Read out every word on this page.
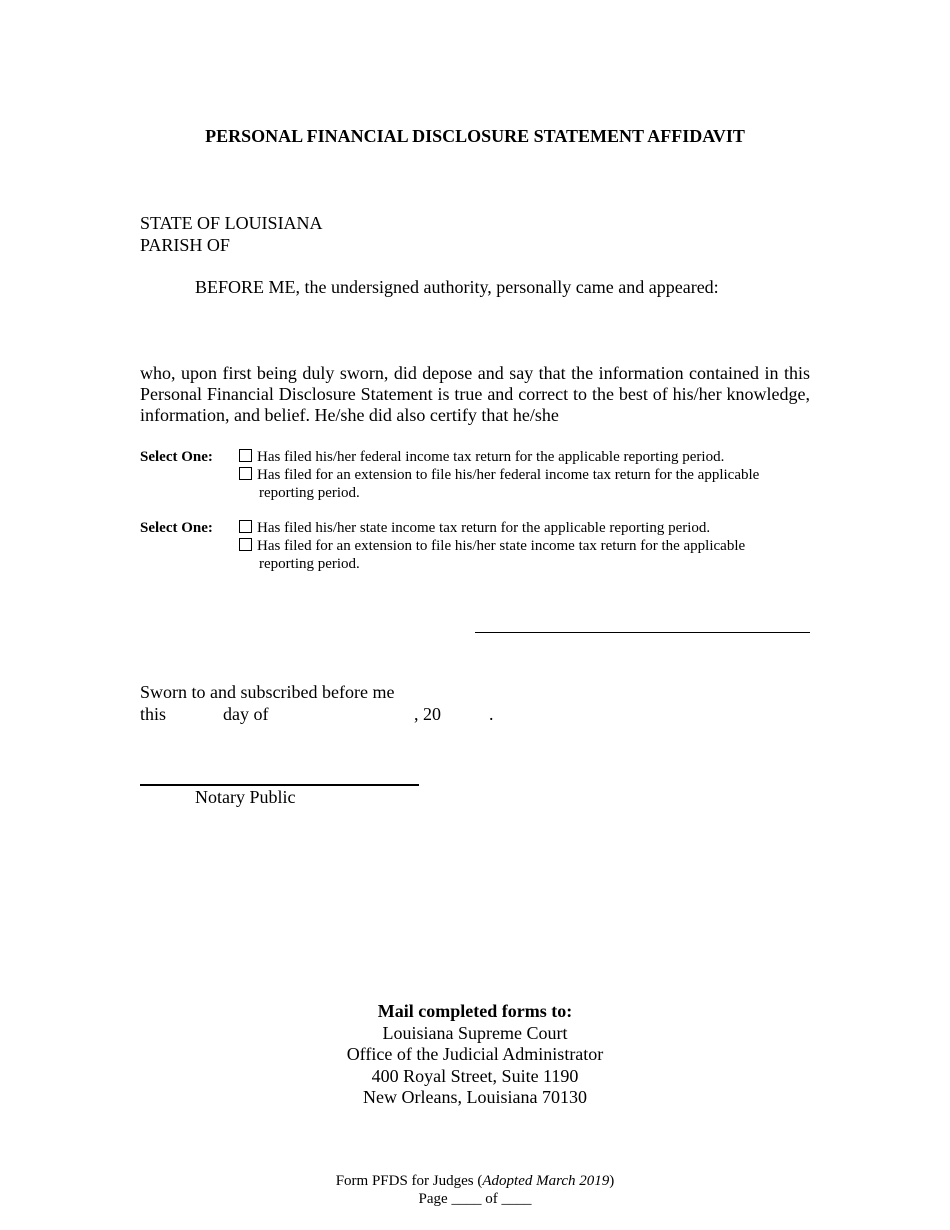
PERSONAL FINANCIAL DISCLOSURE STATEMENT AFFIDAVIT
STATE OF LOUISIANA
PARISH OF
BEFORE ME, the undersigned authority, personally came and appeared:
who, upon first being duly sworn, did depose and say that the information contained in this Personal Financial Disclosure Statement is true and correct to the best of his/her knowledge, information, and belief. He/she did also certify that he/she
Select One:	Has filed his/her federal income tax return for the applicable reporting period.
Has filed for an extension to file his/her federal income tax return for the applicable
reporting period.
Select One:	Has filed his/her state income tax return for the applicable reporting period.
Has filed for an extension to file his/her state income tax return for the applicable
reporting period.
Sworn to and subscribed before me
this	day of	, 20	.
Notary Public
Mail completed forms to:
Louisiana Supreme Court
Office of the Judicial Administrator
400 Royal Street, Suite 1190
New Orleans, Louisiana 70130
Form PFDS for Judges (Adopted March 2019)
Page ____ of ____
